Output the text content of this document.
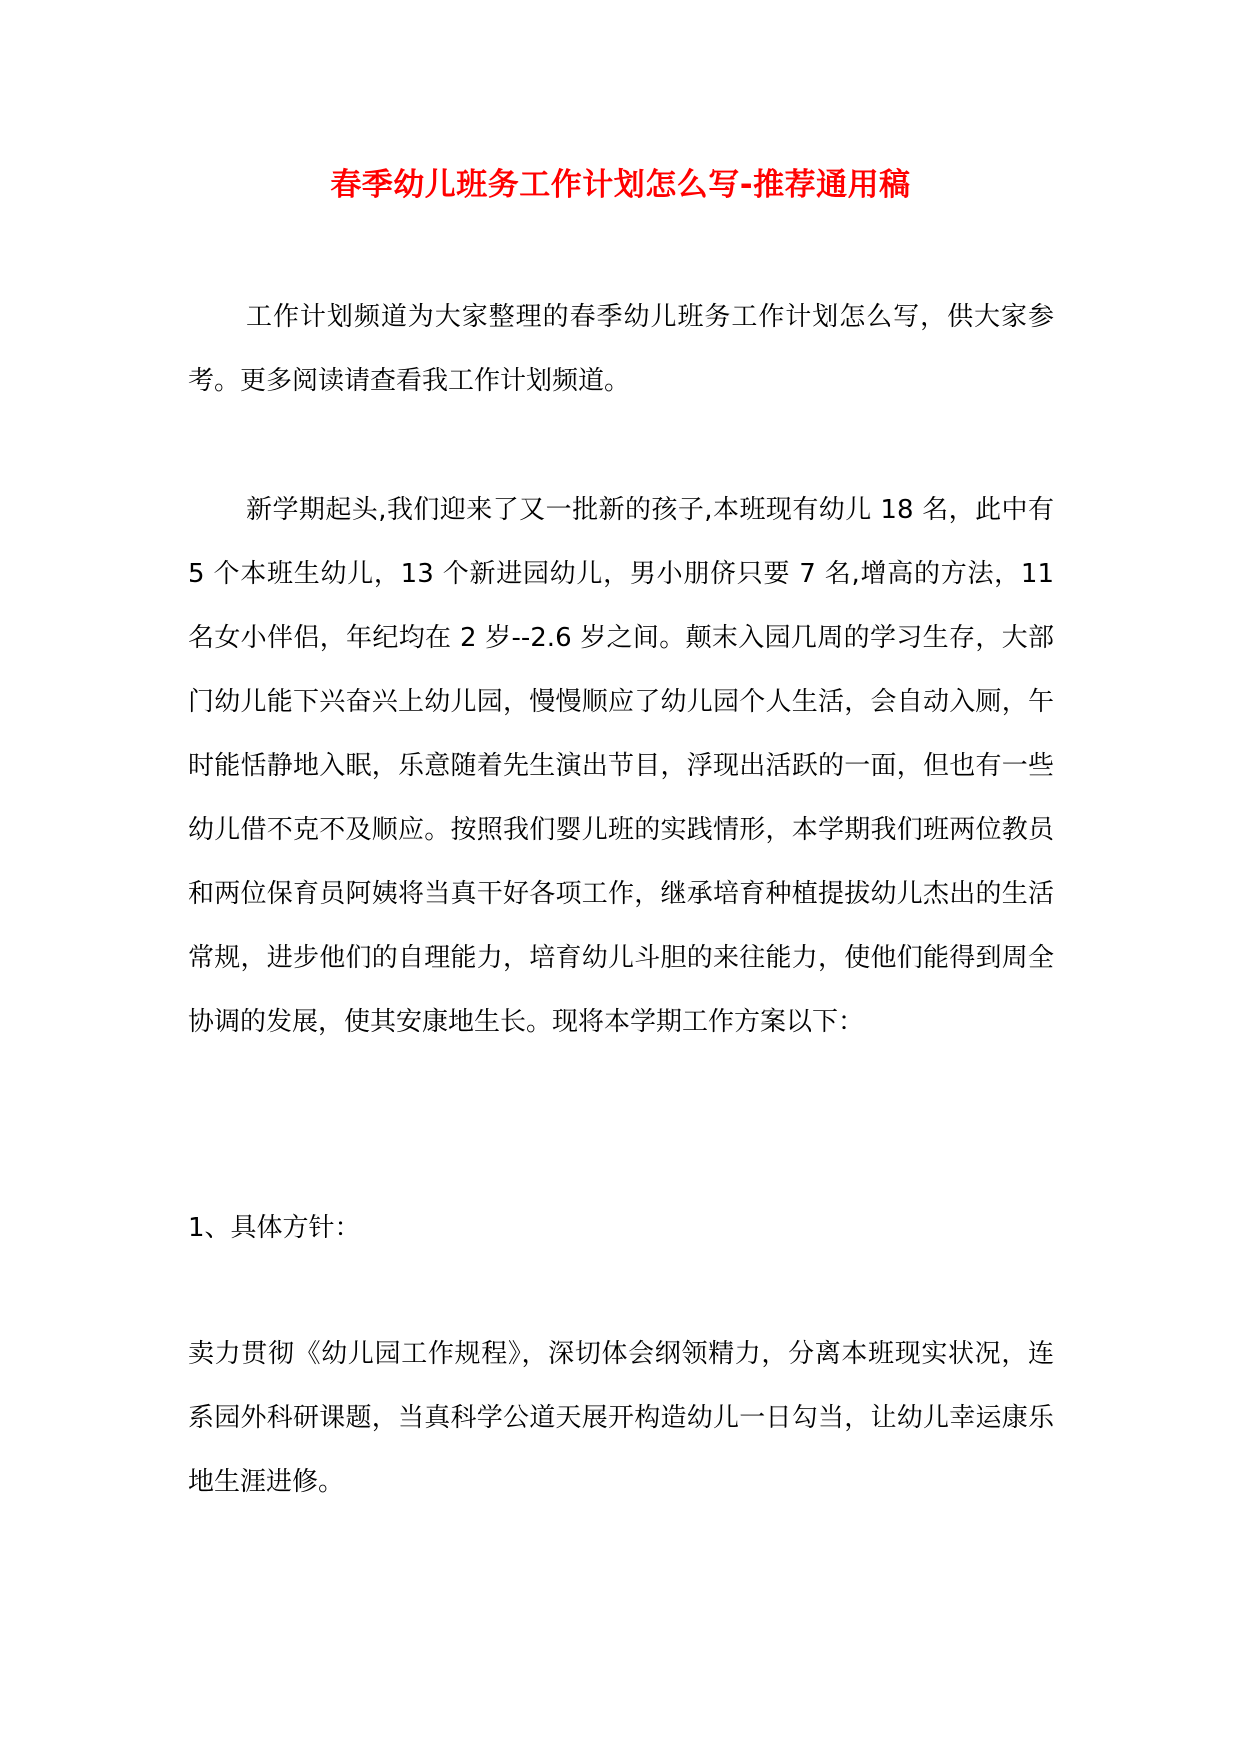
春季幼儿班务工作计划怎么写-推荐通用稿

工作计划频道为大家整理的春季幼儿班务工作计划怎么写，供大家参考。更多阅读请查看我工作计划频道。

新学期起头,我们迎来了又一批新的孩子,本班现有幼儿 18 名，此中有 5 个本班生幼儿，13 个新进园幼儿，男小朋侪只要 7 名,增高的方法，11 名女小伴侣，年纪均在 2 岁--2.6 岁之间。颠末入园几周的学习生存，大部门幼儿能下兴奋兴上幼儿园，慢慢顺应了幼儿园个人生活，会自动入厕，午时能恬静地入眠，乐意随着先生演出节目，浮现出活跃的一面，但也有一些幼儿借不克不及顺应。按照我们婴儿班的实践情形，本学期我们班两位教员和两位保育员阿姨将当真干好各项工作，继承培育种植提拔幼儿杰出的生活常规，进步他们的自理能力，培育幼儿斗胆的来往能力，使他们能得到周全协调的发展，使其安康地生长。现将本学期工作方案以下：

1、具体方针：

卖力贯彻《幼儿园工作规程》，深切体会纲领精力，分离本班现实状况，连系园外科研课题，当真科学公道天展开构造幼儿一日勾当，让幼儿幸运康乐地生涯进修。
